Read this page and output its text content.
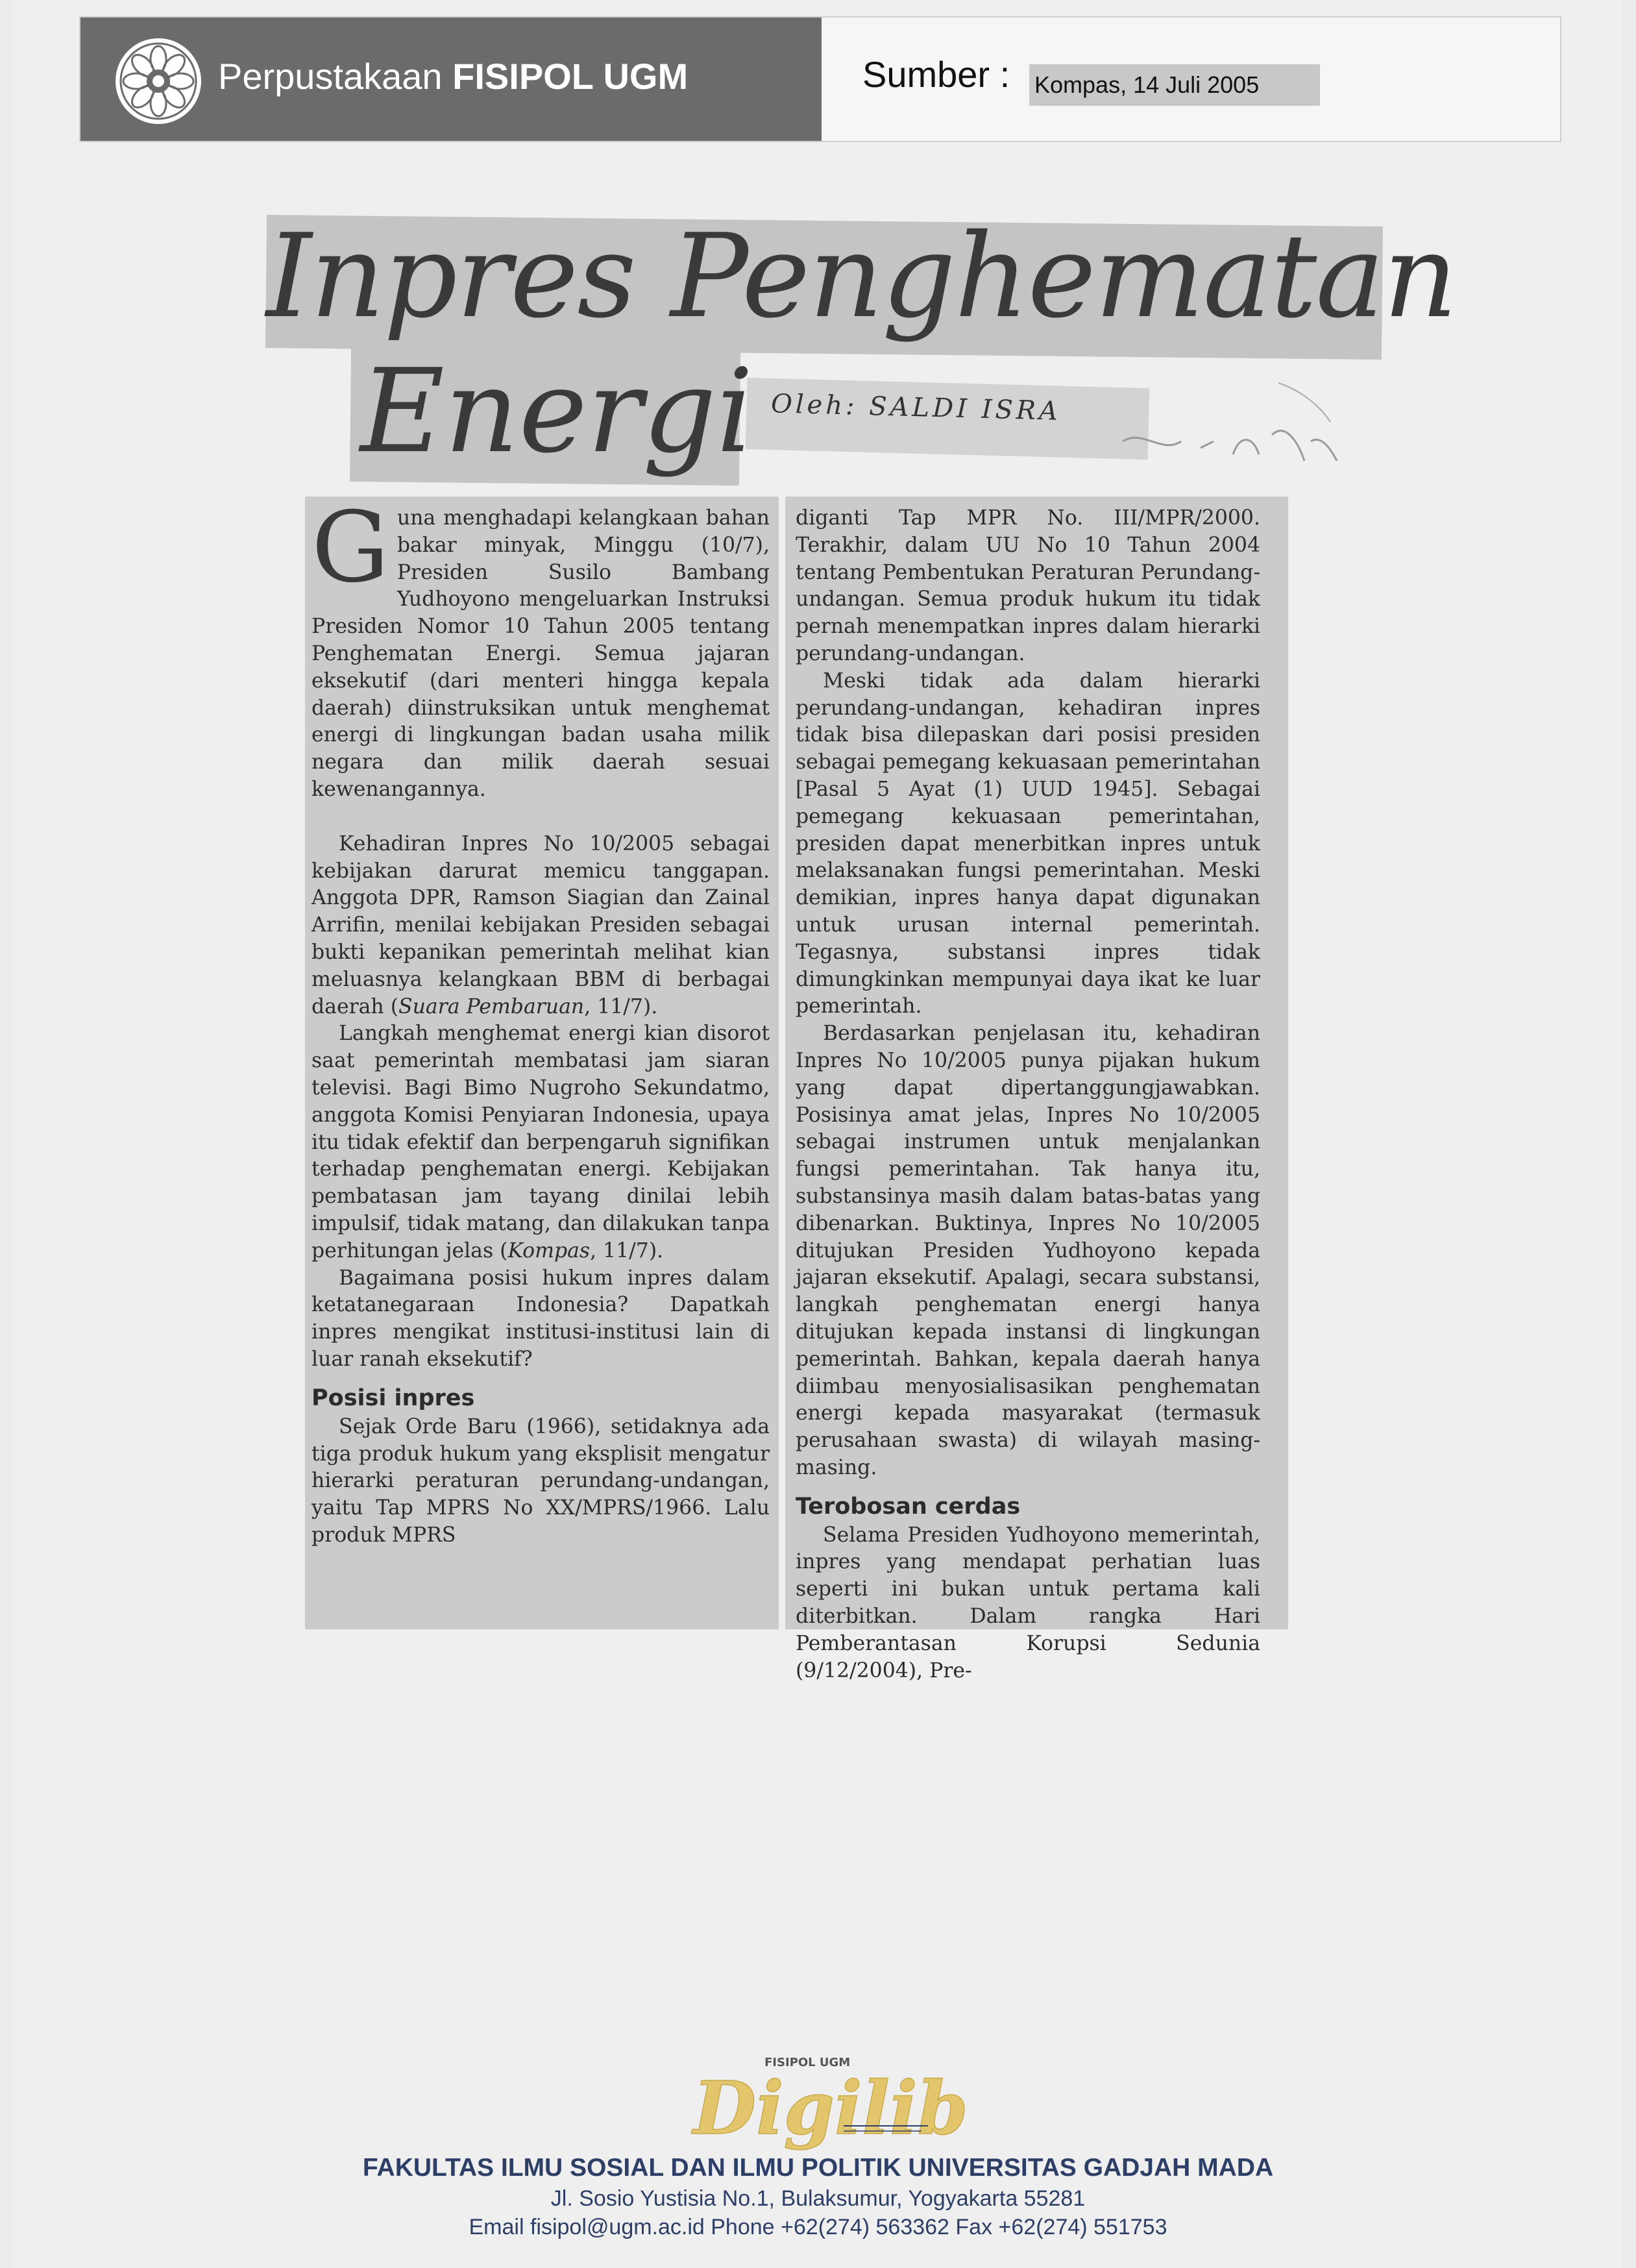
Perpustakaan FISIPOL UGM	Sumber : Kompas, 14 Juli 2005
Inpres Penghematan
Energi Oleh: SALDI ISRA

Guna menghadapi kelangkaan bahan bakar minyak, Minggu (10/7), Presiden Susilo Bambang Yudhoyono mengeluarkan Instruksi Presiden Nomor 10 Tahun 2005 tentang Penghematan Energi. Semua jajaran eksekutif (dari menteri hingga kepala daerah) diinstruksikan untuk menghemat energi di lingkungan badan usaha milik negara dan milik daerah sesuai kewenangannya.

Kehadiran Inpres No 10/2005 sebagai kebijakan darurat memicu tanggapan. Anggota DPR, Ramson Siagian dan Zainal Arrifin, menilai kebijakan Presiden sebagai bukti kepanikan pemerintah melihat kian meluasnya kelangkaan BBM di berbagai daerah (Suara Pembaruan, 11/7).

Langkah menghemat energi kian disorot saat pemerintah membatasi jam siaran televisi. Bagi Bimo Nugroho Sekundatmo, anggota Komisi Penyiaran Indonesia, upaya itu tidak efektif dan berpengaruh signifikan terhadap penghematan energi. Kebijakan pembatasan jam tayang dinilai lebih impulsif, tidak matang, dan dilakukan tanpa perhitungan jelas (Kompas, 11/7).

Bagaimana posisi hukum inpres dalam ketatanegaraan Indonesia? Dapatkah inpres mengikat institusi-institusi lain di luar ranah eksekutif?

Posisi inpres

Sejak Orde Baru (1966), setidaknya ada tiga produk hukum yang eksplisit mengatur hierarki peraturan perundang-undangan, yaitu Tap MPRS No XX/MPRS/1966. Lalu produk MPRS

diganti Tap MPR No. III/MPR/2000. Terakhir, dalam UU No 10 Tahun 2004 tentang Pembentukan Peraturan Perundang-undangan. Semua produk hukum itu tidak pernah menempatkan inpres dalam hierarki perundang-undangan.

Meski tidak ada dalam hierarki perundang-undangan, kehadiran inpres tidak bisa dilepaskan dari posisi presiden sebagai pemegang kekuasaan pemerintahan [Pasal 5 Ayat (1) UUD 1945]. Sebagai pemegang kekuasaan pemerintahan, presiden dapat menerbitkan inpres untuk melaksanakan fungsi pemerintahan. Meski demikian, inpres hanya dapat digunakan untuk urusan internal pemerintah. Tegasnya, substansi inpres tidak dimungkinkan mempunyai daya ikat ke luar pemerintah.

Berdasarkan penjelasan itu, kehadiran Inpres No 10/2005 punya pijakan hukum yang dapat dipertanggungjawabkan. Posisinya amat jelas, Inpres No 10/2005 sebagai instrumen untuk menjalankan fungsi pemerintahan. Tak hanya itu, substansinya masih dalam batas-batas yang dibenarkan. Buktinya, Inpres No 10/2005 ditujukan Presiden Yudhoyono kepada jajaran eksekutif. Apalagi, secara substansi, langkah penghematan energi hanya ditujukan kepada instansi di lingkungan pemerintah. Bahkan, kepala daerah hanya diimbau menyosialisasikan penghematan energi kepada masyarakat (termasuk perusahaan swasta) di wilayah masing-masing.

Terobosan cerdas

Selama Presiden Yudhoyono memerintah, inpres yang mendapat perhatian luas seperti ini bukan untuk pertama kali diterbitkan. Dalam rangka Hari Pemberantasan Korupsi Sedunia (9/12/2004), Pre-

FISIPOL UGM
Digilib
FAKULTAS ILMU SOSIAL DAN ILMU POLITIK UNIVERSITAS GADJAH MADA
Jl. Sosio Yustisia No.1, Bulaksumur, Yogyakarta 55281
Email fisipol@ugm.ac.id Phone +62(274) 563362 Fax +62(274) 551753
